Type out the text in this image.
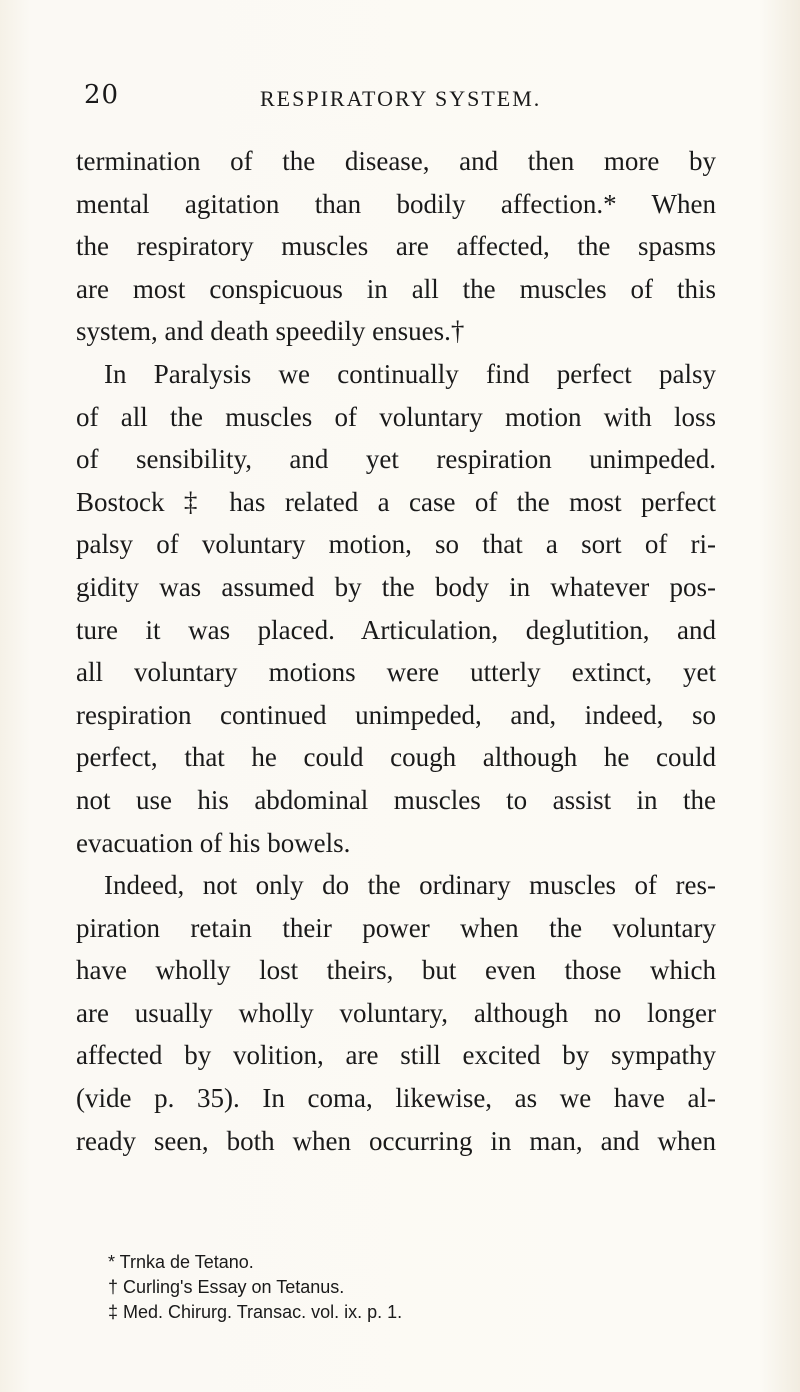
20	RESPIRATORY SYSTEM.
termination of the disease, and then more by
mental agitation than bodily affection.* When
the respiratory muscles are affected, the spasms
are most conspicuous in all the muscles of this
system, and death speedily ensues.†
In Paralysis we continually find perfect palsy
of all the muscles of voluntary motion with loss
of sensibility, and yet respiration unimpeded.
Bostock ‡ has related a case of the most perfect
palsy of voluntary motion, so that a sort of ri-
gidity was assumed by the body in whatever pos-
ture it was placed. Articulation, deglutition, and
all voluntary motions were utterly extinct, yet
respiration continued unimpeded, and, indeed, so
perfect, that he could cough although he could
not use his abdominal muscles to assist in the
evacuation of his bowels.
Indeed, not only do the ordinary muscles of res-
piration retain their power when the voluntary
have wholly lost theirs, but even those which
are usually wholly voluntary, although no longer
affected by volition, are still excited by sympathy
(vide p. 35). In coma, likewise, as we have al-
ready seen, both when occurring in man, and when
* Trnka de Tetano.
† Curling's Essay on Tetanus.
‡ Med. Chirurg. Transac. vol. ix. p. 1.
